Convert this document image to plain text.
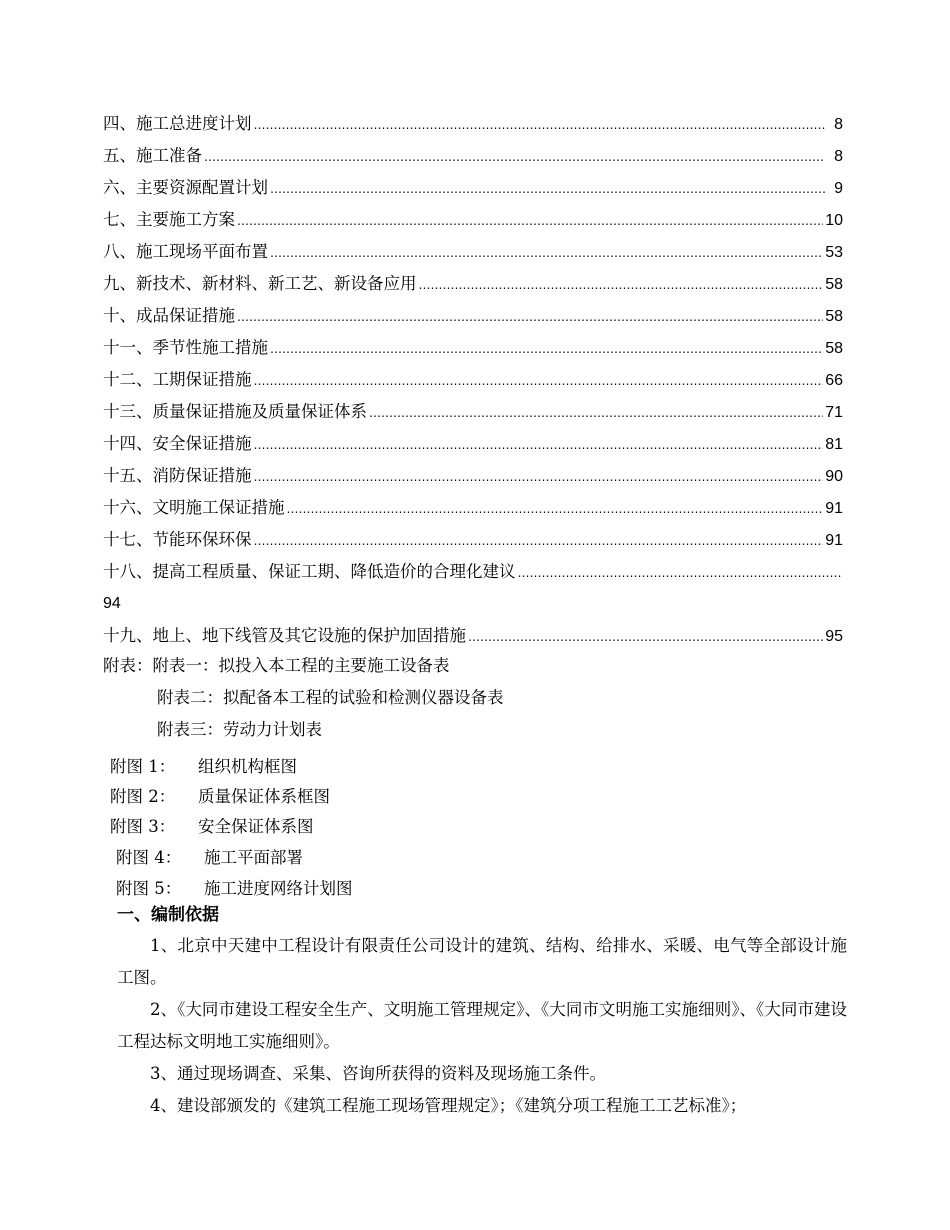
四、施工总进度计划 ……………………………………………………………………………………………………………………………………………………………………	8
五、施工准备 ……………………………………………………………………………………………………………………………………………………………………	8
六、主要资源配置计划 ……………………………………………………………………………………………………………………………………………………………………	9
七、主要施工方案 ……………………………………………………………………………………………………………………………………………………………………	10
八、施工现场平面布置 ……………………………………………………………………………………………………………………………………………………………………	53
九、新技术、新材料、新工艺、新设备应用 ……………………………………………………………………………………………………………………………………………………………………	58
十、成品保证措施 ……………………………………………………………………………………………………………………………………………………………………	58
十一、季节性施工措施 ……………………………………………………………………………………………………………………………………………………………………	58
十二、工期保证措施 ……………………………………………………………………………………………………………………………………………………………………	66
十三、质量保证措施及质量保证体系 ……………………………………………………………………………………………………………………………………………………………………	71
十四、安全保证措施 ……………………………………………………………………………………………………………………………………………………………………	81
十五、消防保证措施 ……………………………………………………………………………………………………………………………………………………………………	90
十六、文明施工保证措施 ……………………………………………………………………………………………………………………………………………………………………	91
十七、节能环保环保 ……………………………………………………………………………………………………………………………………………………………………	91
十八、提高工程质量、保证工期、降低造价的合理化建议
……………………………………………………………………………………………………………………………………………………………………
94
十九、地上、地下线管及其它设施的保护加固措施 ……………………………………………………………………………………………………………………………………………………………………	95
附表：附表一：拟投入本工程的主要施工设备表
附表二：拟配备本工程的试验和检测仪器设备表
附表三：劳动力计划表
附图 1： 组织机构框图
附图 2： 质量保证体系框图
附图 3： 安全保证体系图
附图 4： 施工平面部署
附图 5： 施工进度网络计划图
一、编制依据

1、北京中天建中工程设计有限责任公司设计的建筑、结构、给排水、采暖、电气等全部设计施工图。

2、《大同市建设工程安全生产、文明施工管理规定》、《大同市文明施工实施细则》、《大同市建设工程达标文明地工实施细则》。

3、通过现场调查、采集、咨询所获得的资料及现场施工条件。

4、建设部颁发的《建筑工程施工现场管理规定》；《建筑分项工程施工工艺标准》；
